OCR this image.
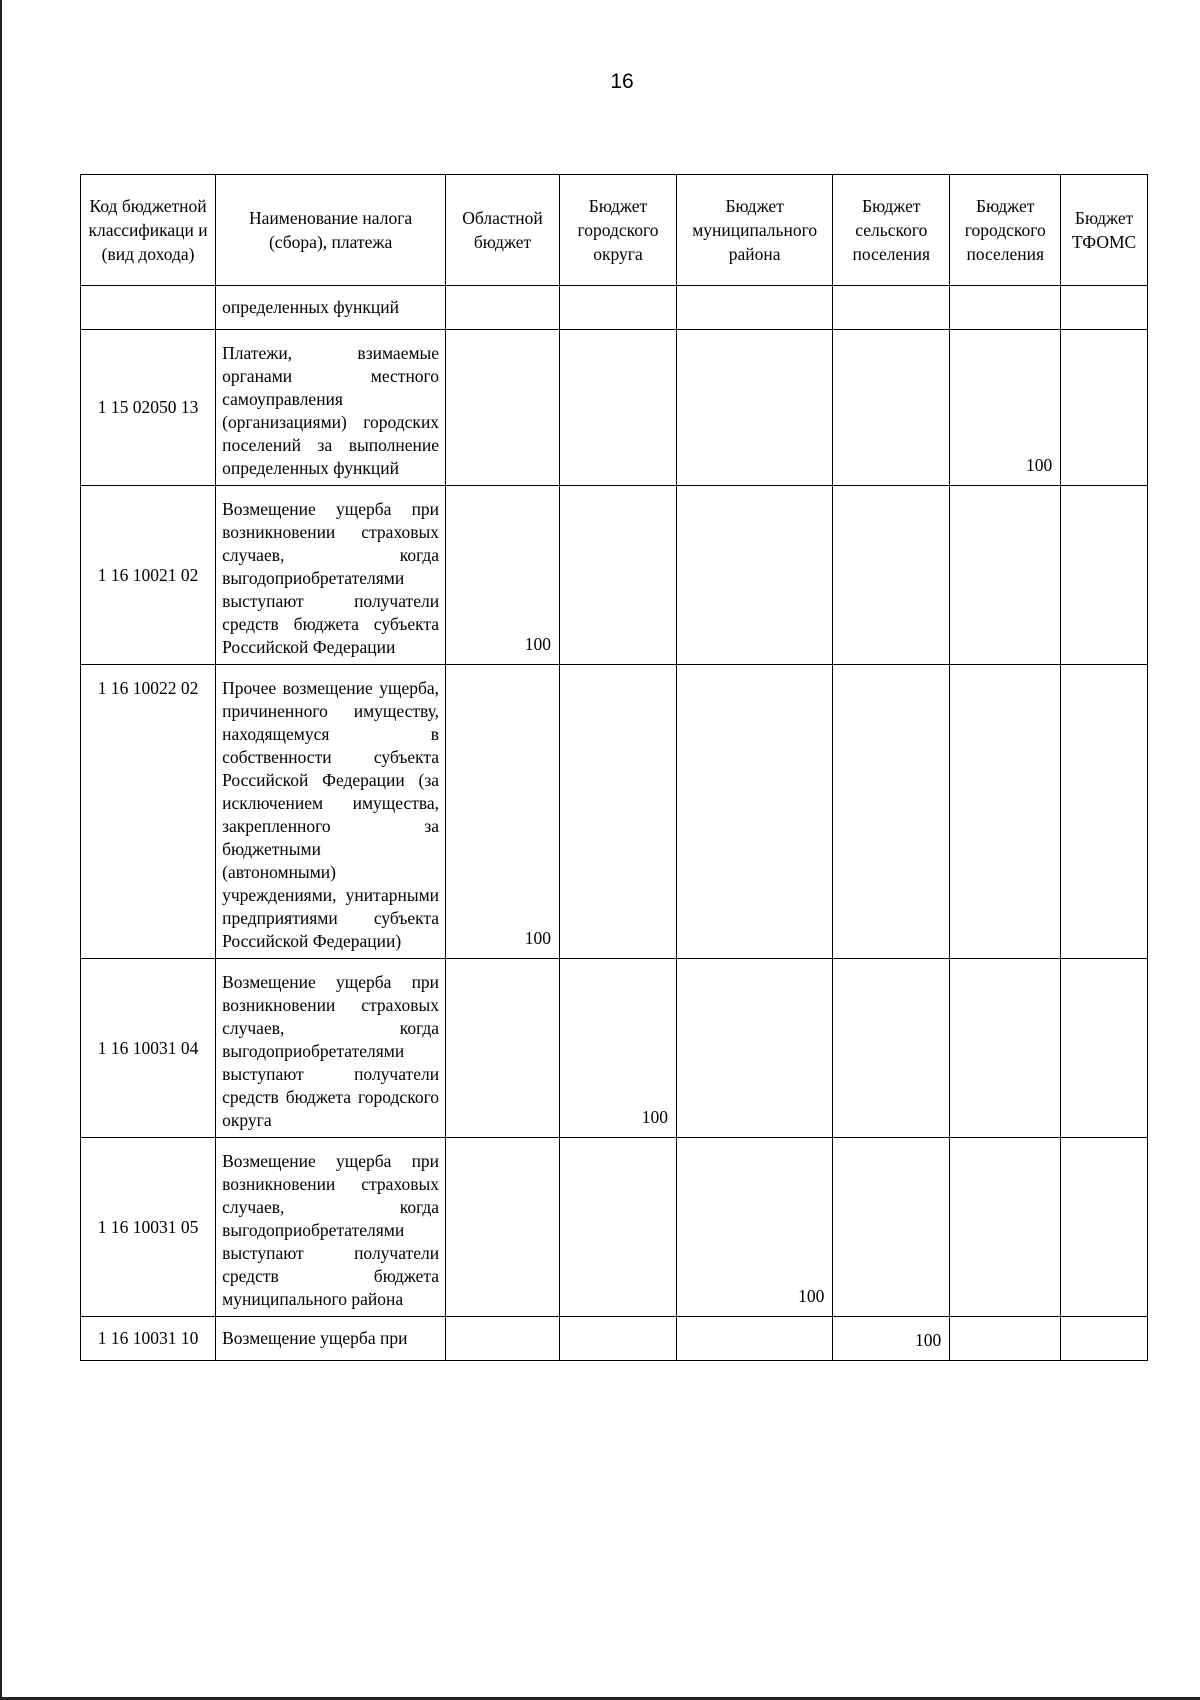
16
Код бюджетной классификаци и (вид дохода)	Наименование налога (сбора), платежа	Областной бюджет	Бюджет городского округа	Бюджет муниципального района	Бюджет сельского поселения	Бюджет городского поселения	Бюджет ТФОМС
	определенных функций						
1 15 02050 13	Платежи, взимаемые органами местного самоуправления (организациями) городских поселений за выполнение определенных функций					100	
1 16 10021 02	Возмещение ущерба при возникновении страховых случаев, когда выгодоприобретателями выступают получатели средств бюджета субъекта Российской Федерации	100					
1 16 10022 02	Прочее возмещение ущерба, причиненного имуществу, находящемуся в собственности субъекта Российской Федерации (за исключением имущества, закрепленного за бюджетными (автономными) учреждениями, унитарными предприятиями субъекта Российской Федерации)	100					
1 16 10031 04	Возмещение ущерба при возникновении страховых случаев, когда выгодоприобретателями выступают получатели средств бюджета городского округа		100				
1 16 10031 05	Возмещение ущерба при возникновении страховых случаев, когда выгодоприобретателями выступают получатели средств бюджета муниципального района			100			
1 16 10031 10	Возмещение ущерба при				100		
